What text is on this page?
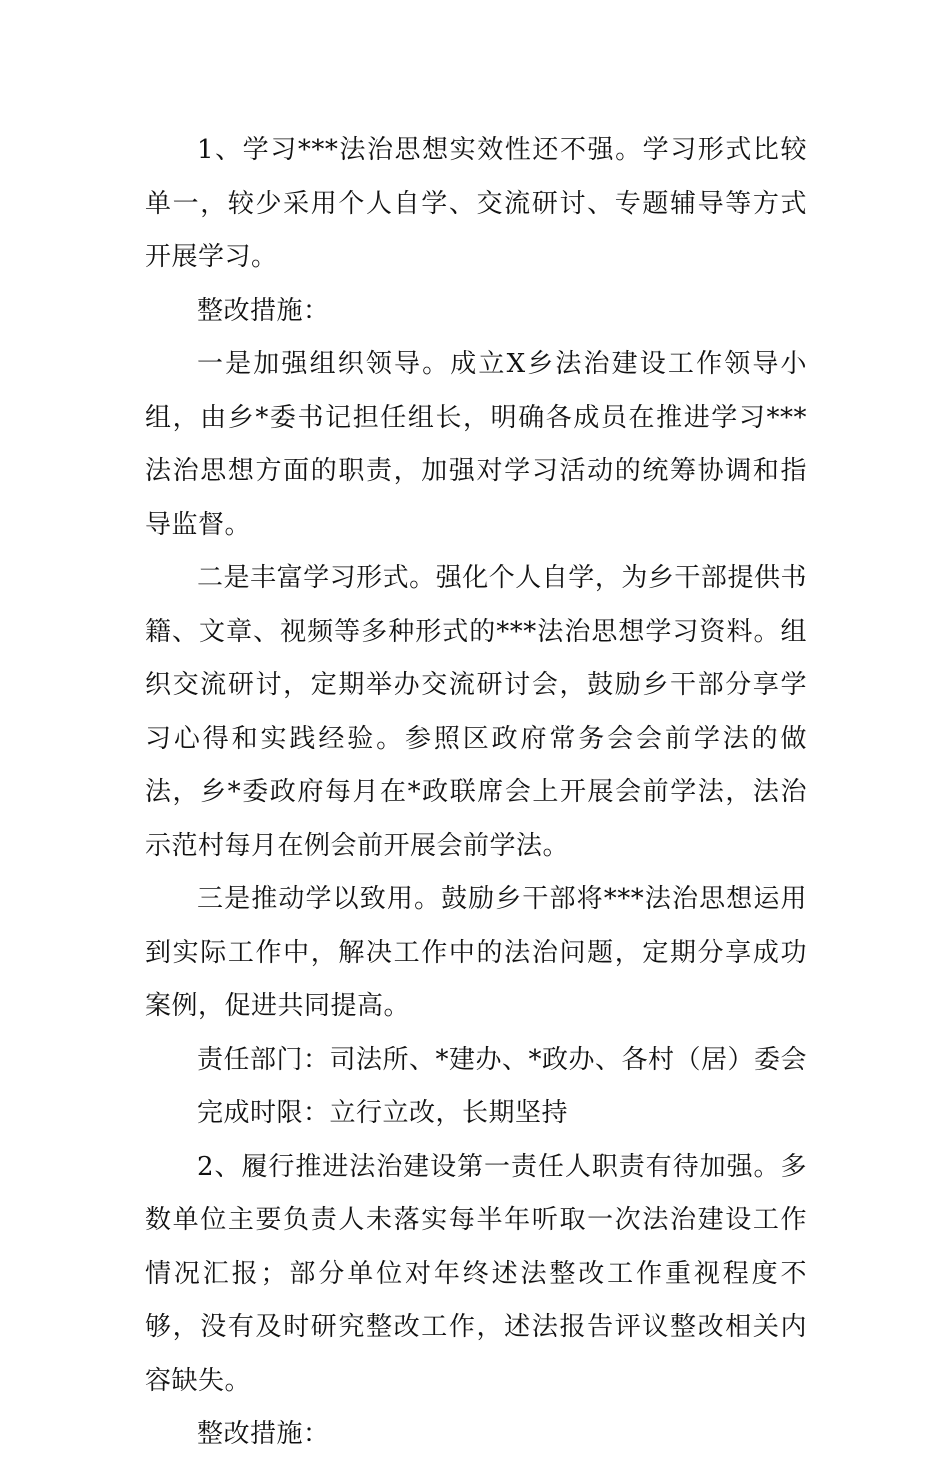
1、学习***法治思想实效性还不强。学习形式比较单一，较少采用个人自学、交流研讨、专题辅导等方式开展学习。

整改措施：

一是加强组织领导。成立X乡法治建设工作领导小组，由乡*委书记担任组长，明确各成员在推进学习***法治思想方面的职责，加强对学习活动的统筹协调和指导监督。

二是丰富学习形式。强化个人自学，为乡干部提供书籍、文章、视频等多种形式的***法治思想学习资料。组织交流研讨，定期举办交流研讨会，鼓励乡干部分享学习心得和实践经验。参照区政府常务会会前学法的做法，乡*委政府每月在*政联席会上开展会前学法，法治示范村每月在例会前开展会前学法。

三是推动学以致用。鼓励乡干部将***法治思想运用到实际工作中，解决工作中的法治问题，定期分享成功案例，促进共同提高。

责任部门：司法所、*建办、*政办、各村（居）委会

完成时限：立行立改，长期坚持

2、履行推进法治建设第一责任人职责有待加强。多数单位主要负责人未落实每半年听取一次法治建设工作情况汇报；部分单位对年终述法整改工作重视程度不够，没有及时研究整改工作，述法报告评议整改相关内容缺失。

整改措施：
